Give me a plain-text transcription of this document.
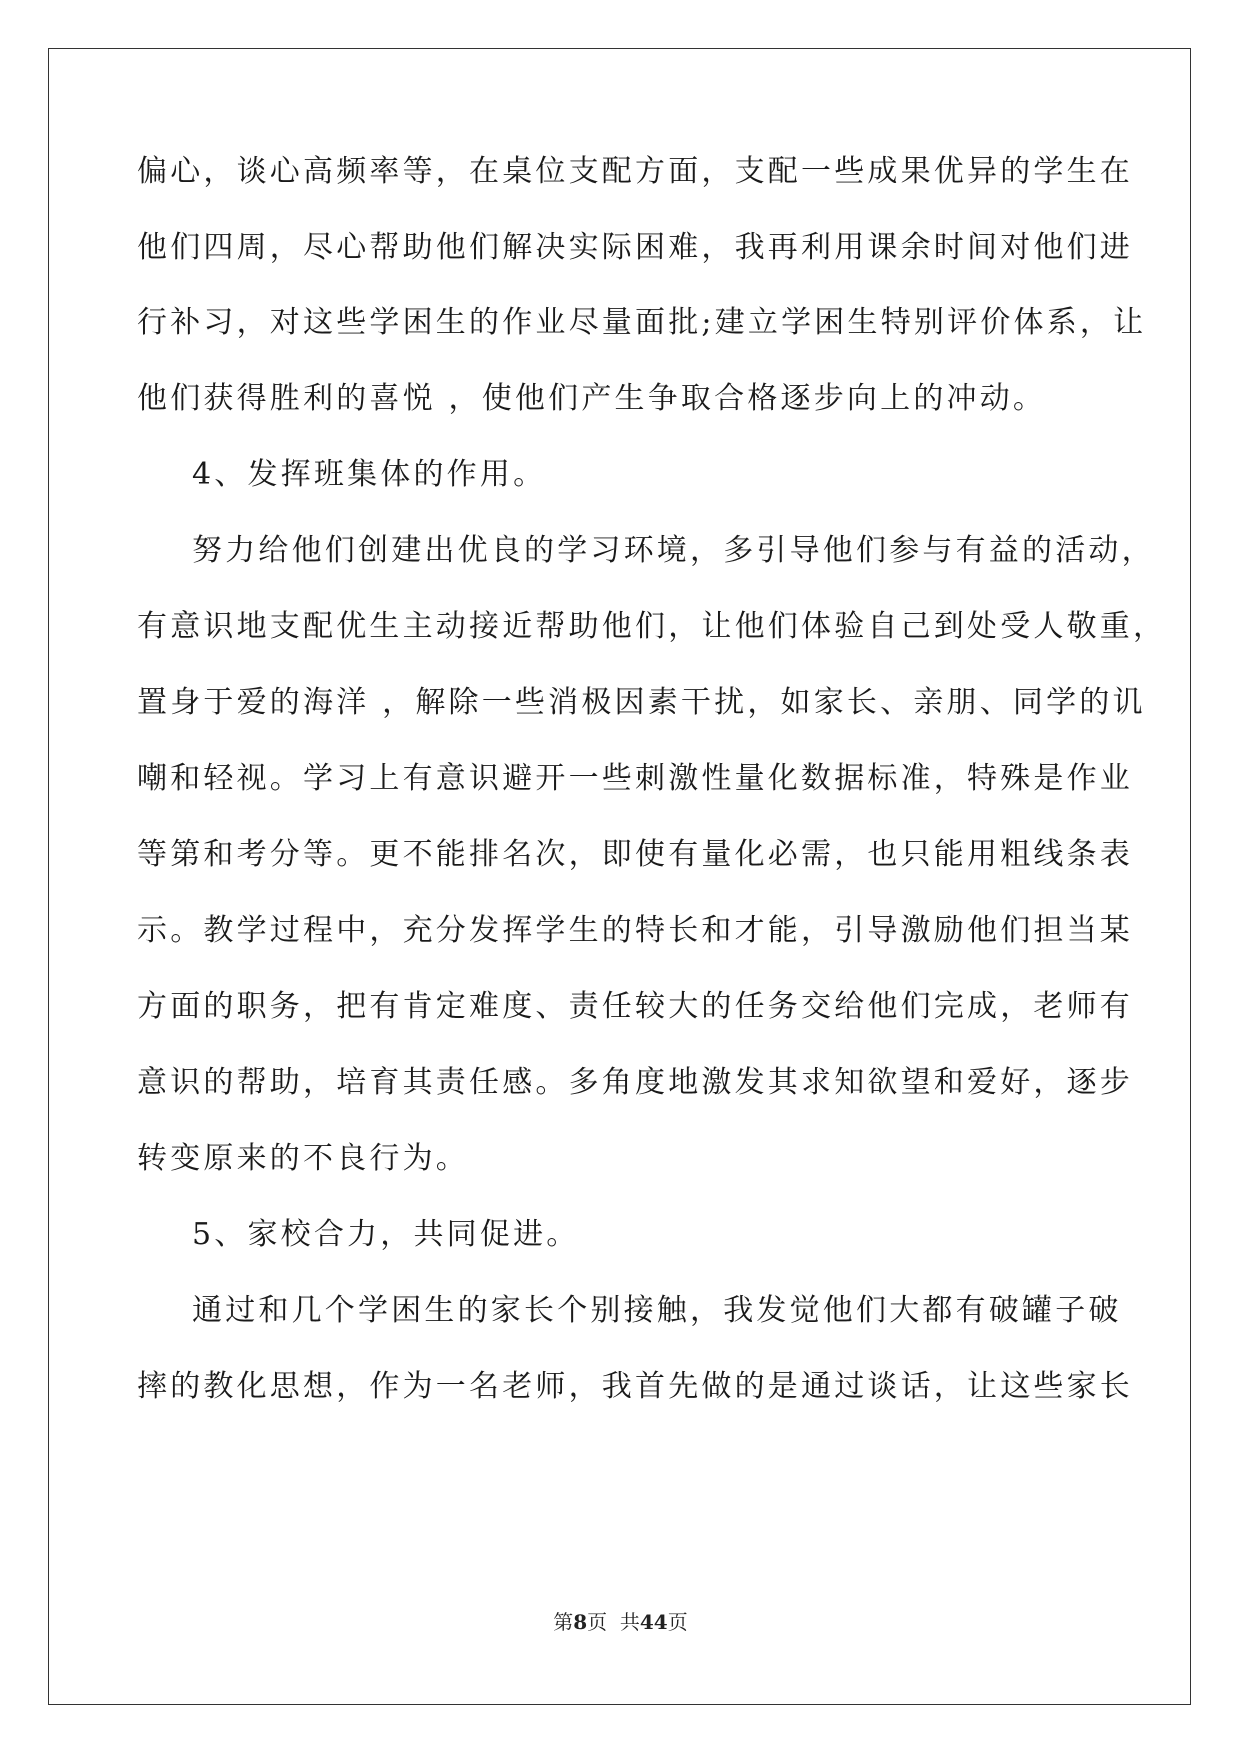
偏心，谈心高频率等，在桌位支配方面，支配一些成果优异的学生在
他们四周，尽心帮助他们解决实际困难，我再利用课余时间对他们进
行补习，对这些学困生的作业尽量面批;建立学困生特别评价体系，让
他们获得胜利的喜悦 ，使他们产生争取合格逐步向上的冲动。
4、发挥班集体的作用。
努力给他们创建出优良的学习环境，多引导他们参与有益的活动，
有意识地支配优生主动接近帮助他们，让他们体验自己到处受人敬重，
置身于爱的海洋 ，解除一些消极因素干扰，如家长、亲朋、同学的讥
嘲和轻视。学习上有意识避开一些刺激性量化数据标准，特殊是作业
等第和考分等。更不能排名次，即使有量化必需，也只能用粗线条表
示。教学过程中，充分发挥学生的特长和才能，引导激励他们担当某
方面的职务，把有肯定难度、责任较大的任务交给他们完成，老师有
意识的帮助，培育其责任感。多角度地激发其求知欲望和爱好，逐步
转变原来的不良行为。
5、家校合力，共同促进。
通过和几个学困生的家长个别接触，我发觉他们大都有破罐子破
摔的教化思想，作为一名老师，我首先做的是通过谈话，让这些家长
第8页  共44页
